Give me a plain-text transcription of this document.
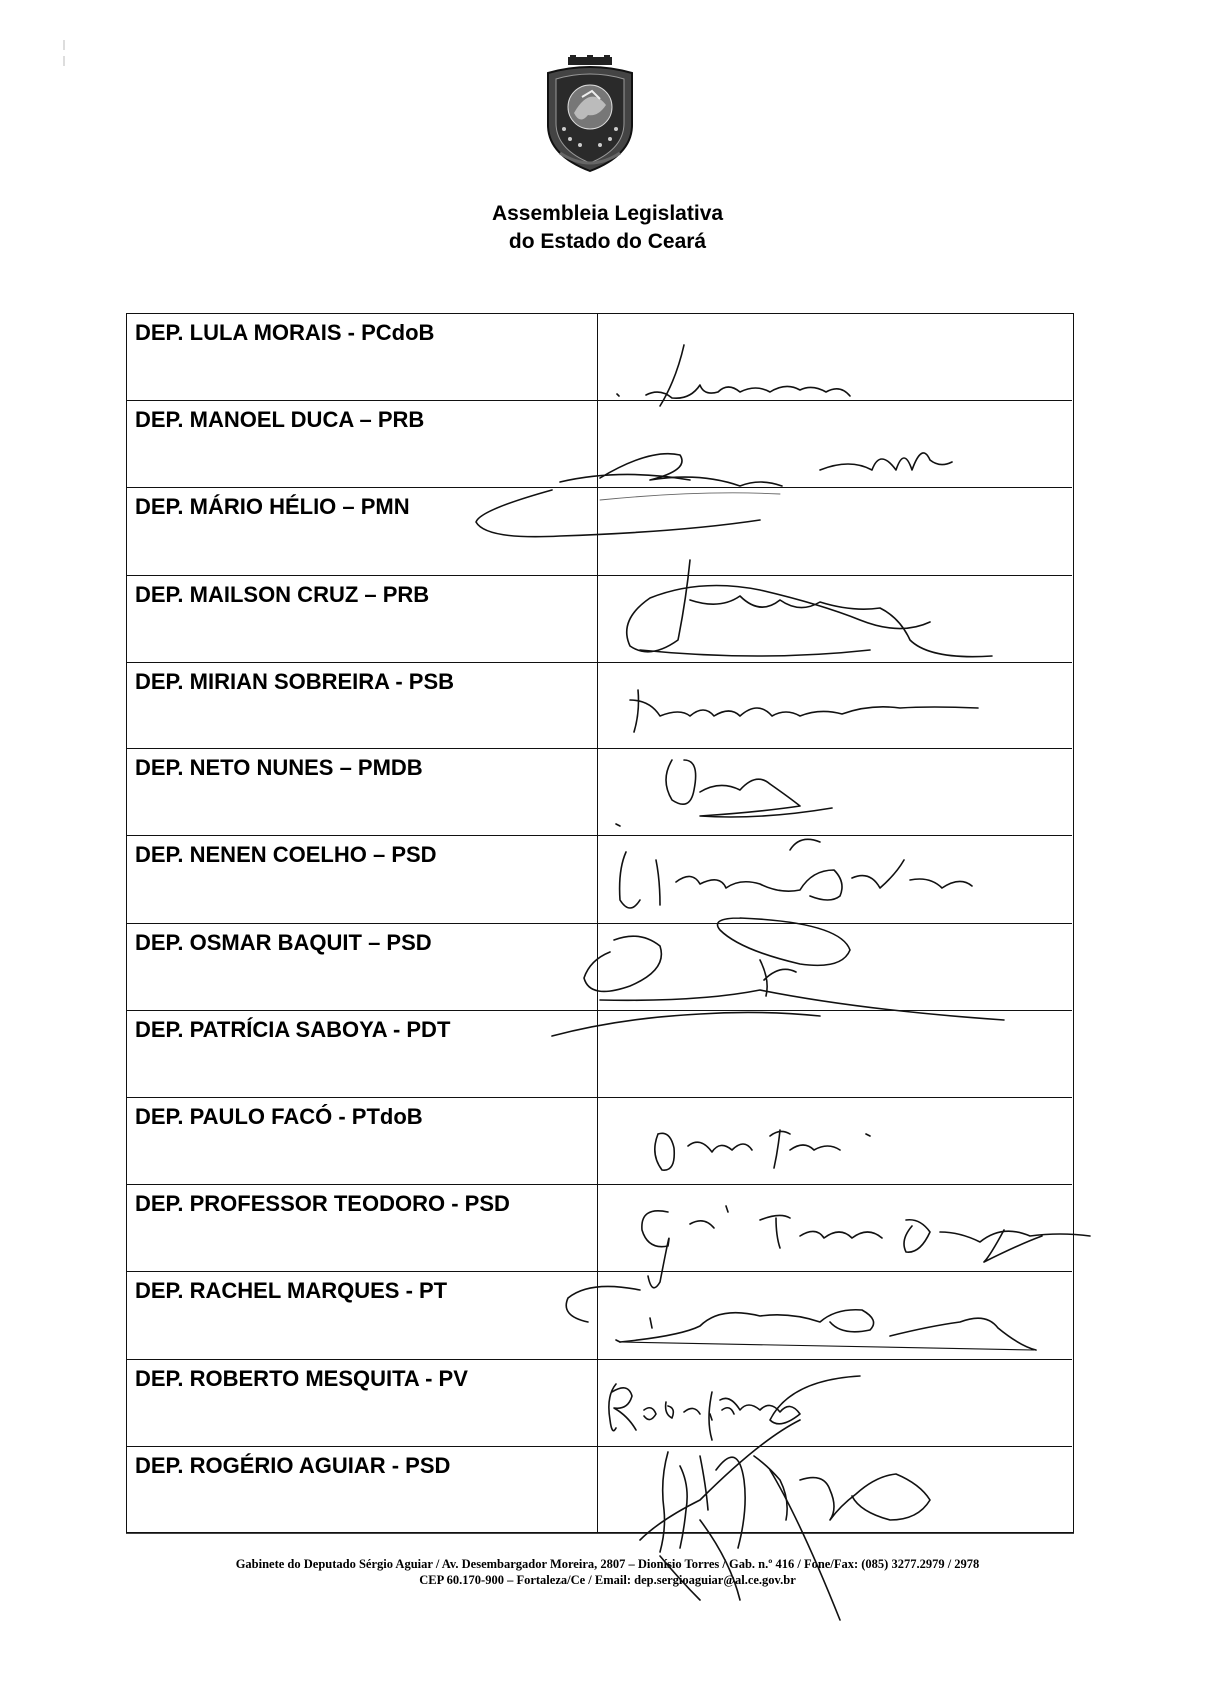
Assembleia Legislativa
do Estado do Ceará
DEP. LULA MORAIS - PCdoB
DEP. MANOEL DUCA – PRB
DEP. MÁRIO HÉLIO – PMN
DEP. MAILSON CRUZ – PRB
DEP. MIRIAN SOBREIRA - PSB
DEP. NETO NUNES – PMDB
DEP. NENEN COELHO – PSD
DEP. OSMAR BAQUIT – PSD
DEP. PATRÍCIA SABOYA - PDT
DEP. PAULO FACÓ - PTdoB
DEP. PROFESSOR TEODORO - PSD
DEP. RACHEL MARQUES - PT
DEP. ROBERTO MESQUITA - PV
DEP. ROGÉRIO AGUIAR - PSD
Gabinete do Deputado Sérgio Aguiar / Av. Desembargador Moreira, 2807 – Dionísio Torres / Gab. n.º 416 / Fone/Fax: (085) 3277.2979 / 2978
CEP 60.170-900 – Fortaleza/Ce / Email: dep.sergioaguiar@al.ce.gov.br
